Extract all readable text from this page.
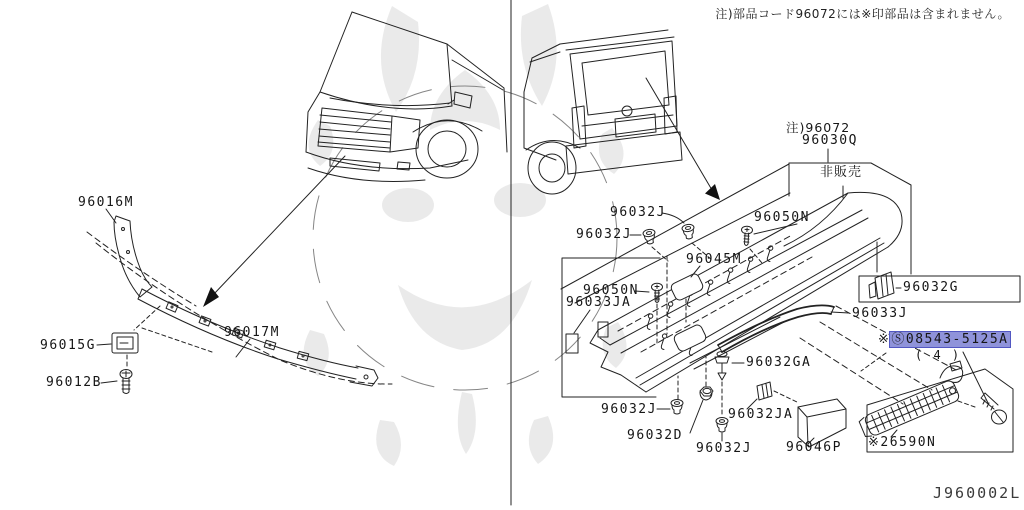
注)部品コード96072には※印部品は含まれません。
96016M
96017M
96015G
96012B
注)96072
96030Q
非販売
96032J
96032J
96050N
96045M
96050N
96033JA
96032G
96033J
※Ⓢ08543-5125A
( 4 )
96032GA
96032J
96032D
96032JA
96032J	96046P ※26590N
J960002L
